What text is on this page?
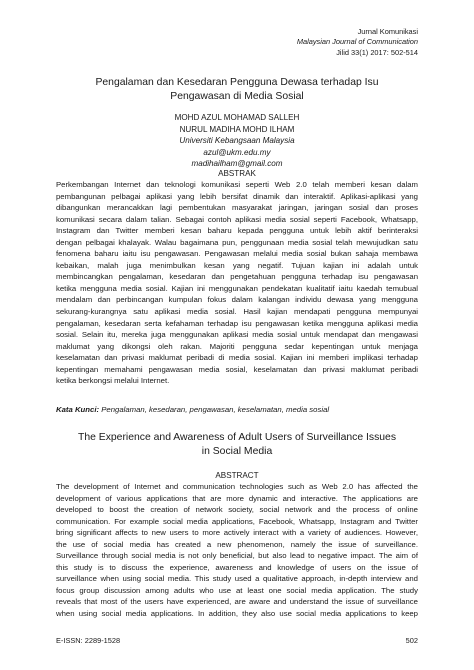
Jurnal Komunikasi
Malaysian Journal of Communication
Jilid 33(1) 2017: 502-514
Pengalaman dan Kesedaran Pengguna Dewasa terhadap Isu
Pengawasan di Media Sosial
MOHD AZUL MOHAMAD SALLEH
NURUL MADIHA MOHD ILHAM
Universiti Kebangsaan Malaysia
azul@ukm.edu.my
madihailham@gmail.com
ABSTRAK
Perkembangan Internet dan teknologi komunikasi seperti Web 2.0 telah memberi kesan dalam
pembangunan pelbagai aplikasi yang lebih bersifat dinamik dan interaktif. Aplikasi-aplikasi yang
dibangunkan merancakkan lagi pembentukan masyarakat jaringan, jaringan sosial dan proses
komunikasi secara dalam talian. Sebagai contoh aplikasi media sosial seperti Facebook, Whatsapp,
Instagram dan Twitter memberi kesan baharu kepada pengguna untuk lebih aktif berinteraksi
dengan pelbagai khalayak. Walau bagaimana pun, penggunaan media sosial telah mewujudkan satu
fenomena baharu iaitu isu pengawasan. Pengawasan melalui media sosial bukan sahaja membawa
kebaikan, malah juga menimbulkan kesan yang negatif. Tujuan kajian ini adalah untuk
membincangkan pengalaman, kesedaran dan pengetahuan pengguna terhadap isu pengawasan
ketika mengguna media sosial. Kajian ini menggunakan pendekatan kualitatif iaitu kaedah temubual
mendalam dan perbincangan kumpulan fokus dalam kalangan individu dewasa yang mengguna
sekurang-kurangnya satu aplikasi media sosial. Hasil kajian mendapati pengguna mempunyai
pengalaman, kesedaran serta kefahaman terhadap isu pengawasan ketika mengguna aplikasi media
sosial. Selain itu, mereka juga menggunakan aplikasi media sosial untuk mendapat dan mengawasi
maklumat yang dikongsi oleh rakan. Majoriti pengguna sedar kepentingan untuk menjaga
keselamatan dan privasi maklumat peribadi di media sosial. Kajian ini memberi implikasi terhadap
kepentingan memahami pengawasan media sosial, keselamatan dan privasi maklumat peribadi
ketika berkongsi melalui Internet.
Kata Kunci: Pengalaman, kesedaran, pengawasan, keselamatan, media sosial
The Experience and Awareness of Adult Users of Surveillance Issues
in Social Media
ABSTRACT
The development of Internet and communication technologies such as Web 2.0 has affected the
development of various applications that are more dynamic and interactive. The applications are
developed to boost the creation of network society, social network and the process of online
communication. For example social media applications, Facebook, Whatsapp, Instagram and Twitter
bring significant affects to new users to more actively interact with a variety of audiences. However,
the use of social media has created a new phenomenon, namely the issue of surveillance.
Surveillance through social media is not only beneficial, but also lead to negative impact. The aim of
this study is to discuss the experience, awareness and knowledge of users on the issue of
surveillance when using social media. This study used a qualitative approach, in-depth interview and
focus group discussion among adults who use at least one social media application. The study
reveals that most of the users have experienced, are aware and understand the issue of surveillance
when using social media applications. In addition, they also use social media applications to keep
E-ISSN: 2289-1528	502
